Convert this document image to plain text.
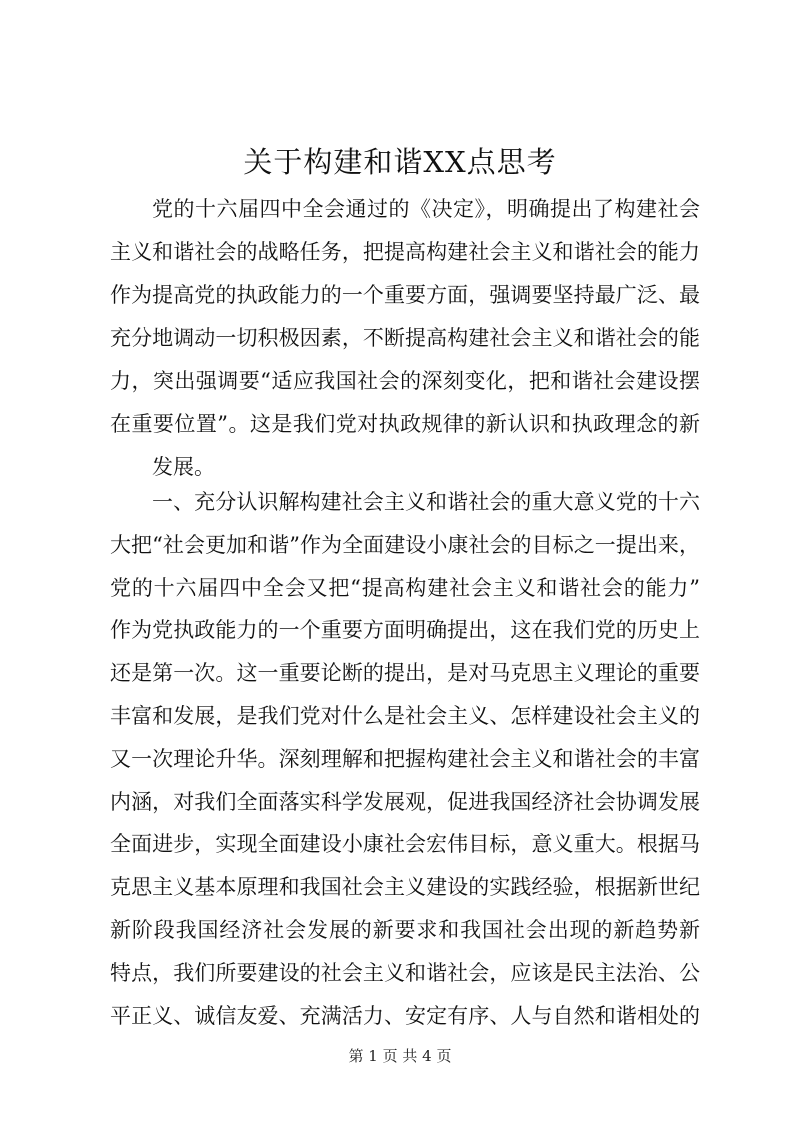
关于构建和谐XX点思考
党的十六届四中全会通过的《决定》，明确提出了构建社会
主义和谐社会的战略任务，把提高构建社会主义和谐社会的能力
作为提高党的执政能力的一个重要方面，强调要坚持最广泛、最
充分地调动一切积极因素，不断提高构建社会主义和谐社会的能
力，突出强调要“适应我国社会的深刻变化，把和谐社会建设摆
在重要位置”。这是我们党对执政规律的新认识和执政理念的新
发展。
一、充分认识解构建社会主义和谐社会的重大意义党的十六
大把“社会更加和谐”作为全面建设小康社会的目标之一提出来，
党的十六届四中全会又把“提高构建社会主义和谐社会的能力”
作为党执政能力的一个重要方面明确提出，这在我们党的历史上
还是第一次。这一重要论断的提出，是对马克思主义理论的重要
丰富和发展，是我们党对什么是社会主义、怎样建设社会主义的
又一次理论升华。深刻理解和把握构建社会主义和谐社会的丰富
内涵，对我们全面落实科学发展观，促进我国经济社会协调发展
全面进步，实现全面建设小康社会宏伟目标，意义重大。根据马
克思主义基本原理和我国社会主义建设的实践经验，根据新世纪
新阶段我国经济社会发展的新要求和我国社会出现的新趋势新
特点，我们所要建设的社会主义和谐社会，应该是民主法治、公
第 1 页 共 4 页
平正义、诚信友爱、充满活力、安定有序、人与自然和谐相处的
